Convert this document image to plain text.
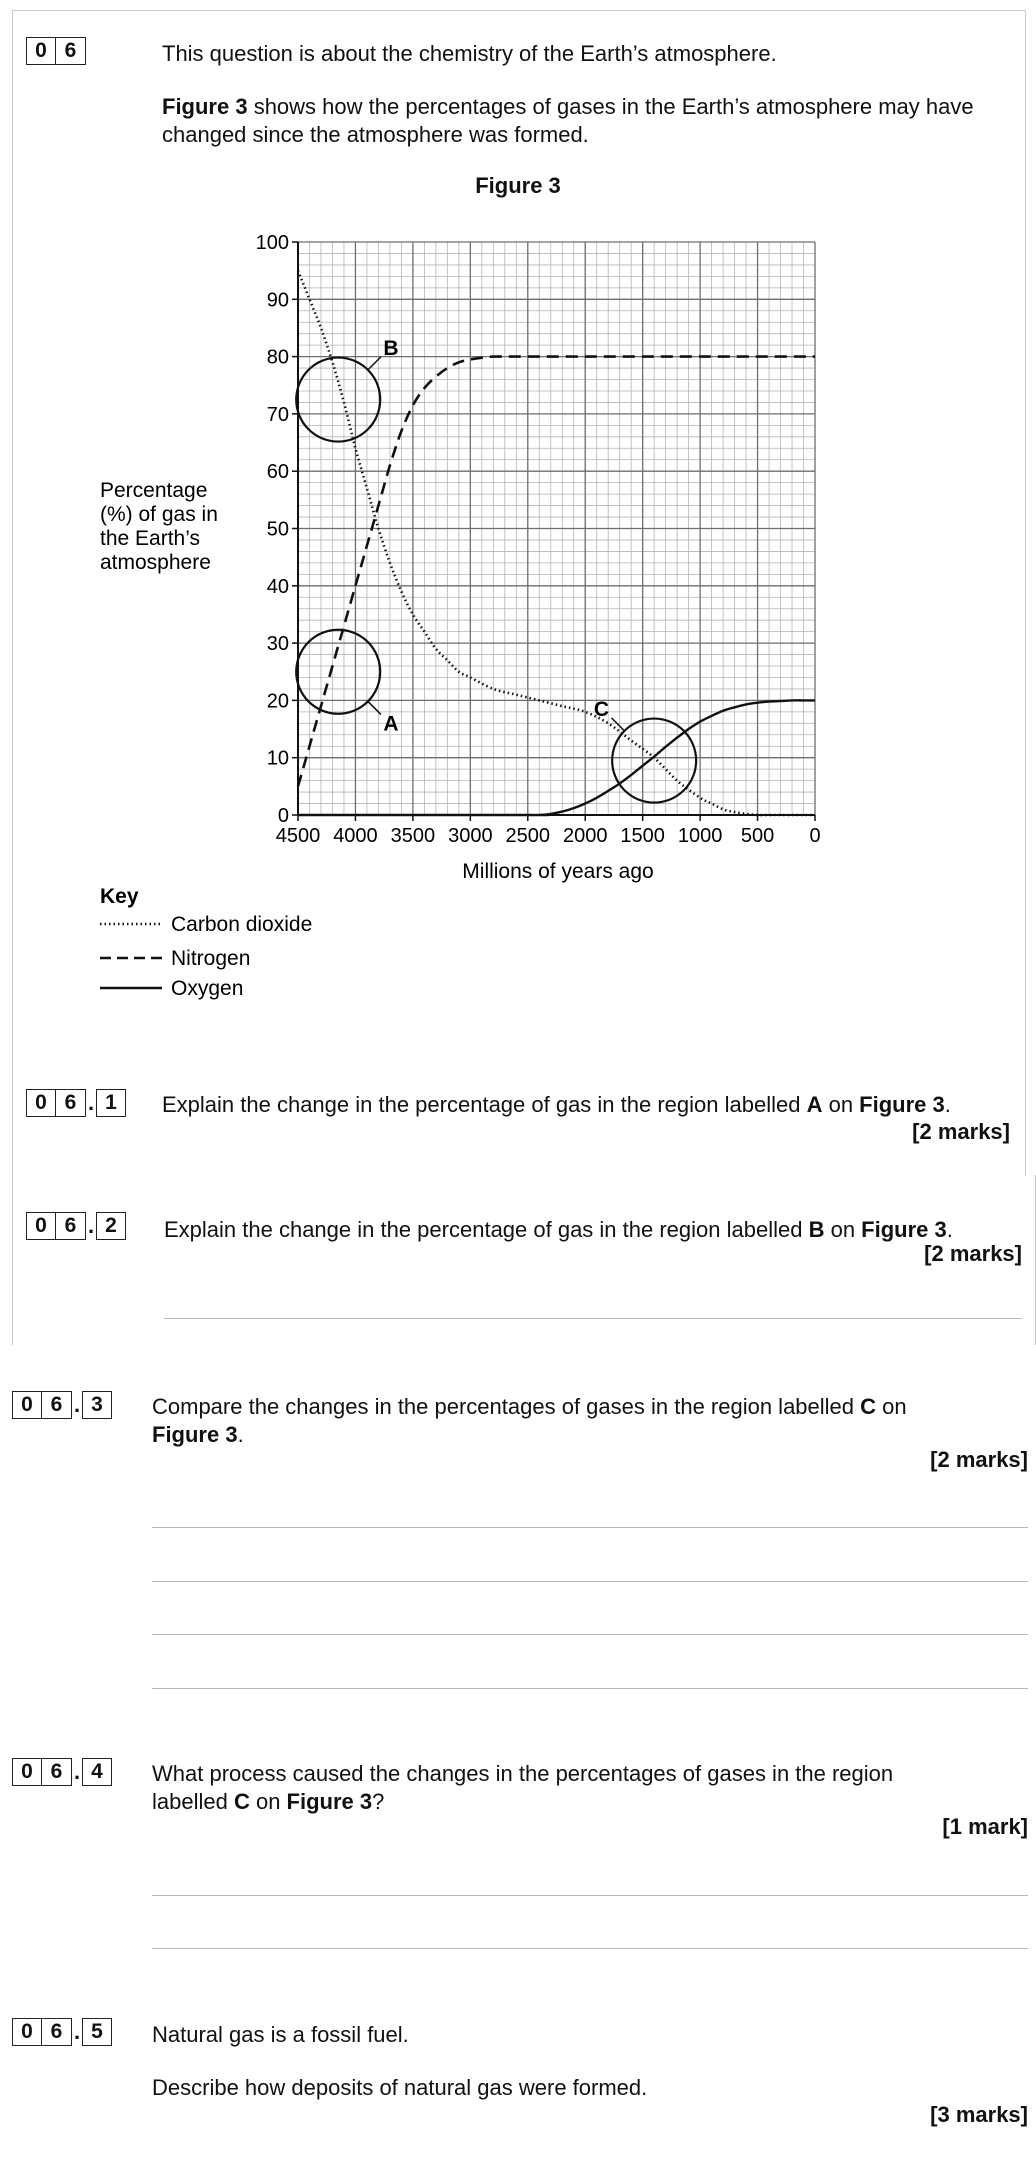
0 6	This question is about the chemistry of the Earth’s atmosphere.
Figure 3 shows how the percentages of gases in the Earth’s atmosphere may have changed since the atmosphere was formed.
Figure 3
0
10
20
30
40
50
60
70
80
90
100
4500 4000 3500 3000 2500 2000 1500 1000 500 0
A
B
C
Millions of years ago
Percentage
(%) of gas in
the Earth’s
atmosphere
Key
Carbon dioxide
Nitrogen
Oxygen
0 6 . 1	Explain the change in the percentage of gas in the region labelled A on Figure 3.
[2 marks]
0 6 . 2	Explain the change in the percentage of gas in the region labelled B on Figure 3.
[2 marks]
0 6 . 3	Compare the changes in the percentages of gases in the region labelled C on
Figure 3.
[2 marks]
0 6 . 4	What process caused the changes in the percentages of gases in the region
labelled C on Figure 3?
[1 mark]
0 6 . 5	Natural gas is a fossil fuel.
Describe how deposits of natural gas were formed.
[3 marks]
